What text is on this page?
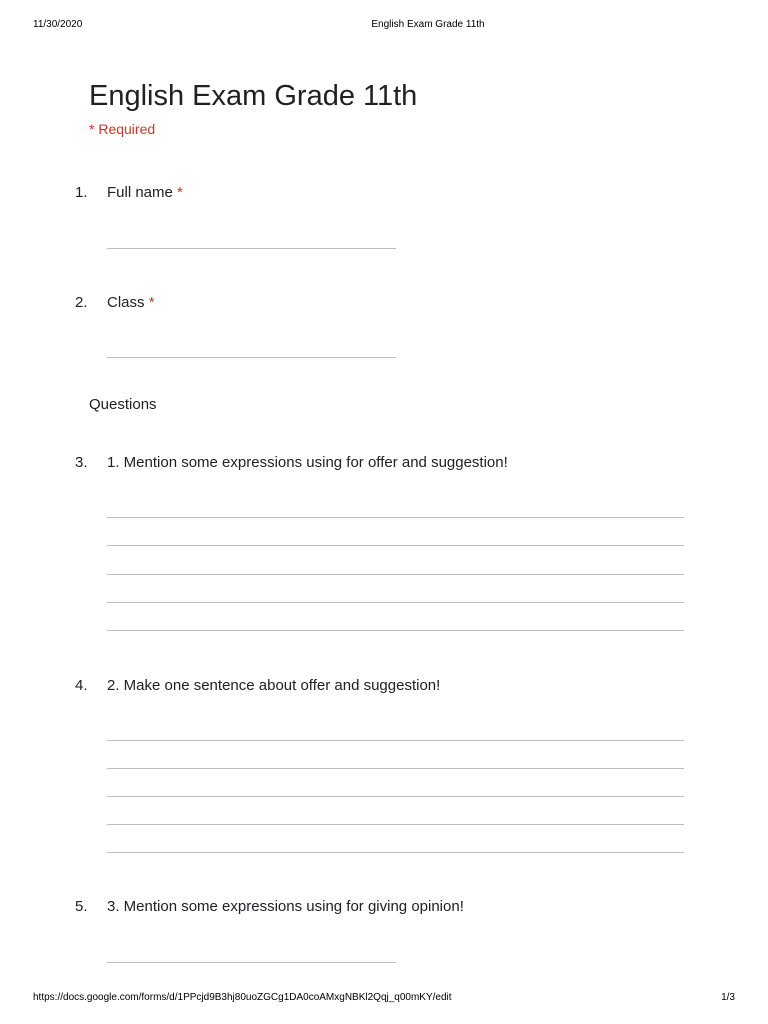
11/30/2020	English Exam Grade 11th
English Exam Grade 11th
* Required
1. Full name *
2. Class *
Questions
3. 1. Mention some expressions using for offer and suggestion!
4. 2. Make one sentence about offer and suggestion!
5. 3. Mention some expressions using for giving opinion!
https://docs.google.com/forms/d/1PPcjd9B3hj80uoZGCg1DA0coAMxgNBKl2Qqj_q00mKY/edit	1/3
